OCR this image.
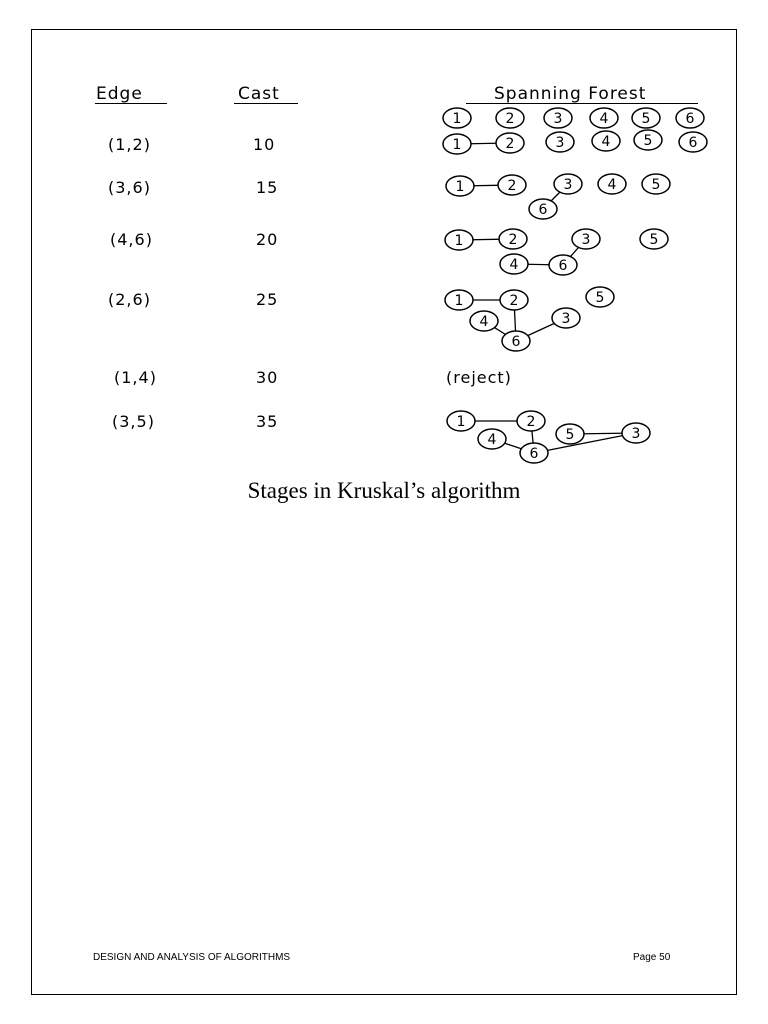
Edge	Cast	Spanning Forest
(1,2)	10
(3,6)	15
(4,6)	20
(2,6)	25
(1,4)	30	(reject)
(3,5)	35
1	2	3	4 5	6
1	2	3	4 5	6
1	2	3	4	5
6
1	2	3
4
5
6
1	2
3
4
5
6
1	2
3
4	5
6
Stages in Kruskal’s algorithm
DESIGN AND ANALYSIS OF ALGORITHMS	Page 50
